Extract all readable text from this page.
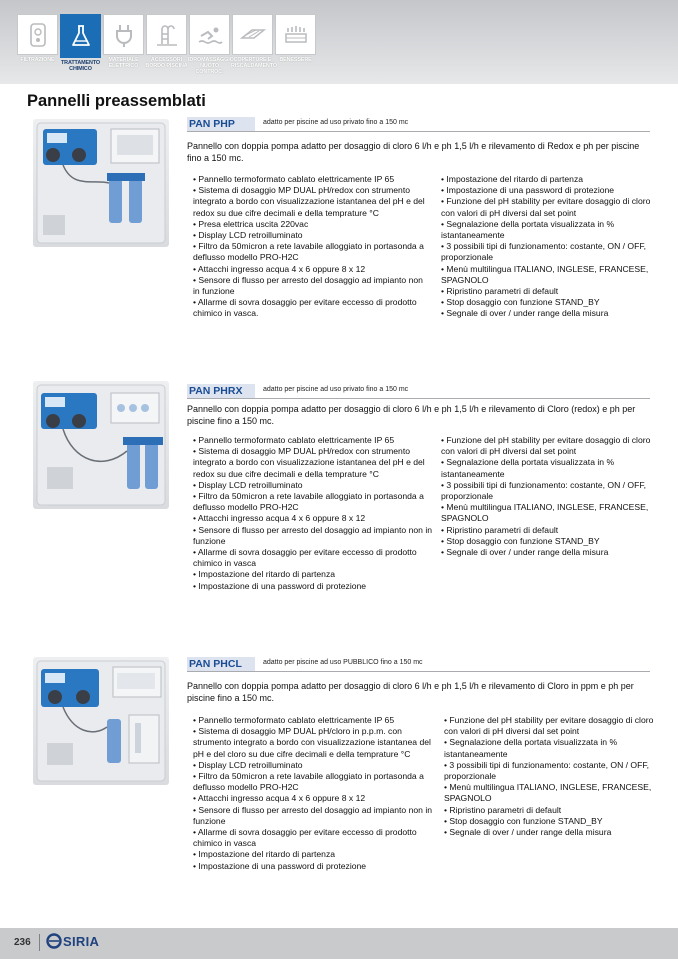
FILTRAZIONE	TRATTAMENTO CHIMICO
MATERIALE ELETTRICO
ACCESSORI BORDO PISCINA
IDROMASSAGGIO NUOTO CONTROC.
COPERTURE E RISCALDAMENTO
BENESSERE
Pannelli preassemblati
PAN PHP	adatto per piscine ad uso privato fino a 150 mc
Pannello con doppia pompa adatto per dosaggio di cloro 6 l/h e ph 1,5 l/h e rilevamento di Redox e ph per piscine fino a 150 mc.
• Pannello termoformato cablato elettricamente IP 65
• Sistema di dosaggio MP DUAL pH/redox con strumento integrato a bordo con visualizzazione istantanea del pH e del redox su due cifre decimali e della temprature °C
• Presa elettrica uscita 220vac
• Display LCD retroilluminato
• Filtro da 50micron a rete lavabile alloggiato in portasonda a deflusso modello PRO-H2C
• Attacchi ingresso acqua 4 x 6 oppure 8 x 12
• Sensore di flusso per arresto del dosaggio ad impianto non in funzione
• Allarme di sovra dosaggio per evitare eccesso di prodotto chimico in vasca.
• Impostazione del ritardo di partenza
• Impostazione di una password di protezione
• Funzione del pH stability per evitare dosaggio di cloro con valori di pH diversi dal set point
• Segnalazione della portata visualizzata in % istantaneamente
• 3 possibili tipi di funzionamento: costante, ON / OFF, proporzionale
• Menù multilingua ITALIANO, INGLESE, FRANCESE, SPAGNOLO
• Ripristino parametri di default
• Stop dosaggio con funzione STAND_BY
• Segnale di over / under range della misura
PAN PHRX	adatto per piscine ad uso privato fino a 150 mc
Pannello con doppia pompa adatto per dosaggio di cloro 6 l/h e ph 1,5 l/h e rilevamento di Cloro (redox) e ph per piscine fino a 150 mc.
• Pannello termoformato cablato elettricamente IP 65
• Sistema di dosaggio MP DUAL pH/redox con strumento integrato a bordo con visualizzazione istantanea del pH e del redox su due cifre decimali e della temprature °C
• Display LCD retroilluminato
• Filtro da 50micron a rete lavabile alloggiato in portasonda a deflusso modello PRO-H2C
• Attacchi ingresso acqua 4 x 6 oppure 8 x 12
• Sensore di flusso per arresto del dosaggio ad impianto non in funzione
• Allarme di sovra dosaggio per evitare eccesso di prodotto chimico in vasca
• Impostazione del ritardo di partenza
• Impostazione di una password di protezione
• Funzione del pH stability per evitare dosaggio di cloro con valori di pH diversi dal set point
• Segnalazione della portata visualizzata in % istantaneamente
• 3 possibili tipi di funzionamento: costante, ON / OFF, proporzionale
• Menù multilingua ITALIANO, INGLESE, FRANCESE, SPAGNOLO
• Ripristino parametri di default
• Stop dosaggio con funzione STAND_BY
• Segnale di over / under range della misura
PAN PHCL	adatto per piscine ad uso PUBBLICO fino a 150 mc
Pannello con doppia pompa adatto per dosaggio di cloro 6 l/h e ph 1,5 l/h e rilevamento di Cloro in ppm e ph per piscine fino a 150 mc.
• Pannello termoformato cablato elettricamente IP 65
• Sistema di dosaggio MP DUAL pH/cloro in p.p.m. con strumento integrato a bordo con visualizzazione istantanea del pH e del cloro su due cifre decimali e della temprature °C
• Display LCD retroilluminato
• Filtro da 50micron a rete lavabile alloggiato in portasonda a deflusso modello PRO-H2C
• Attacchi ingresso acqua 4 x 6 oppure 8 x 12
• Sensore di flusso per arresto del dosaggio ad impianto non in funzione
• Allarme di sovra dosaggio per evitare eccesso di prodotto chimico in vasca
• Impostazione del ritardo di partenza
• Impostazione di una password di protezione
• Funzione del pH stability per evitare dosaggio di cloro con valori di pH diversi dal set point
• Segnalazione della portata visualizzata in % istantaneamente
• 3 possibili tipi di funzionamento: costante, ON / OFF, proporzionale
• Menù multilingua ITALIANO, INGLESE, FRANCESE, SPAGNOLO
• Ripristino parametri di default
• Stop dosaggio con funzione STAND_BY
• Segnale di over / under range della misura
236 SIRIA
